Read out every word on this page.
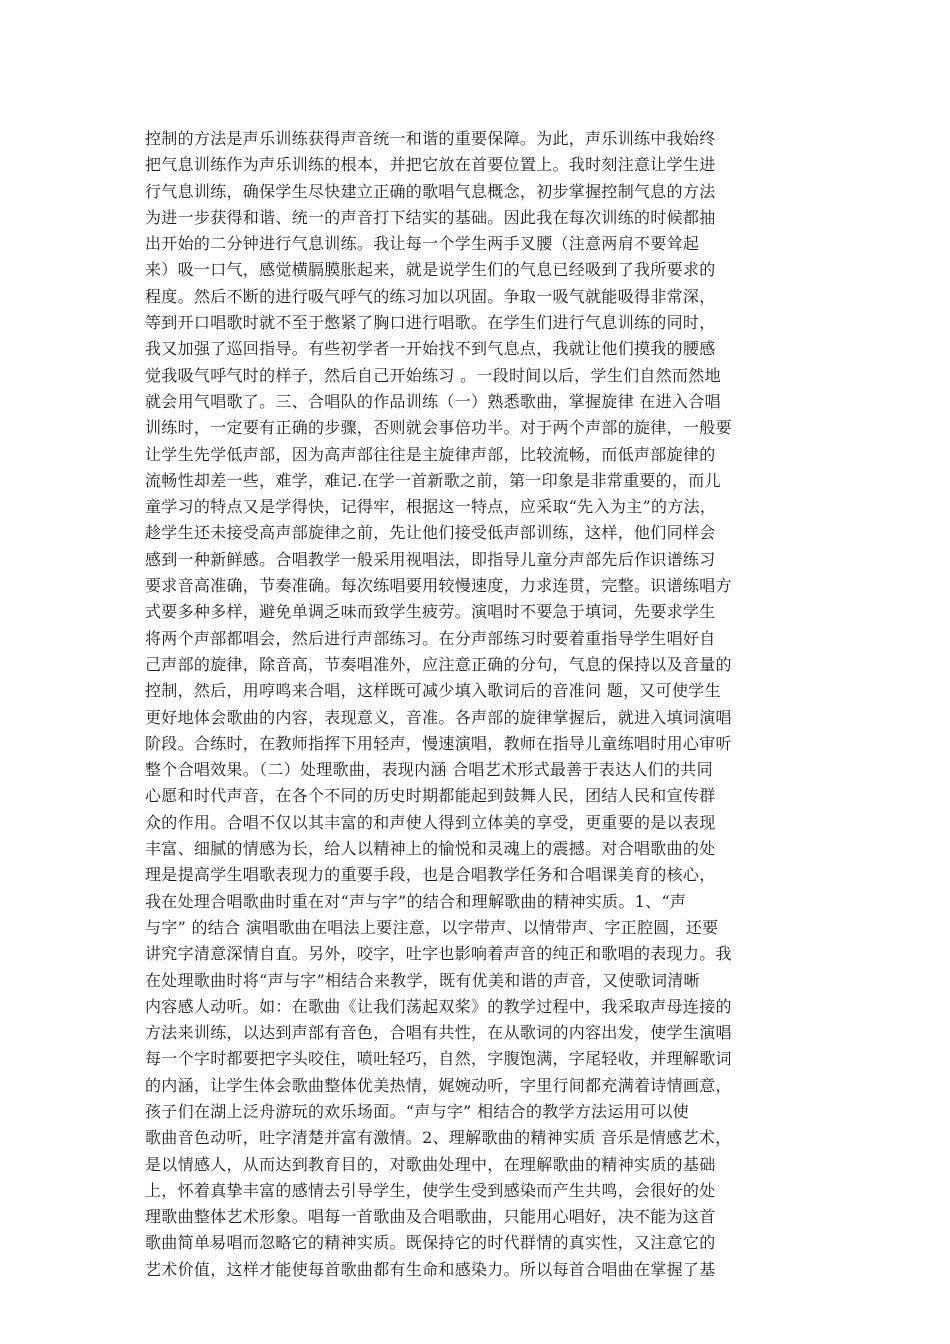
控制的方法是声乐训练获得声音统一和谐的重要保障。为此，声乐训练中我始终
把气息训练作为声乐训练的根本，并把它放在首要位置上。我时刻注意让学生进
行气息训练，确保学生尽快建立正确的歌唱气息概念，初步掌握控制气息的方法
为进一步获得和谐、统一的声音打下结实的基础。因此我在每次训练的时候都抽
出开始的二分钟进行气息训练。我让每一个学生两手叉腰（注意两肩不要耸起
来）吸一口气，感觉横膈膜胀起来，就是说学生们的气息已经吸到了我所要求的
程度。然后不断的进行吸气呼气的练习加以巩固。争取一吸气就能吸得非常深，
等到开口唱歌时就不至于憋紧了胸口进行唱歌。在学生们进行气息训练的同时，
我又加强了巡回指导。有些初学者一开始找不到气息点，我就让他们摸我的腰感
觉我吸气呼气时的样子，然后自己开始练习 。一段时间以后，学生们自然而然地
就会用气唱歌了。三、合唱队的作品训练（一）熟悉歌曲，掌握旋律 在进入合唱
训练时，一定要有正确的步骤，否则就会事倍功半。对于两个声部的旋律，一般要
让学生先学低声部，因为高声部往往是主旋律声部，比较流畅，而低声部旋律的
流畅性却差一些，难学，难记.在学一首新歌之前，第一印象是非常重要的，而儿
童学习的特点又是学得快，记得牢，根据这一特点，应采取“先入为主”的方法，
趁学生还未接受高声部旋律之前，先让他们接受低声部训练，这样，他们同样会
感到一种新鲜感。合唱教学一般采用视唱法，即指导儿童分声部先后作识谱练习
要求音高准确，节奏准确。每次练唱要用较慢速度，力求连贯，完整。识谱练唱方
式要多种多样，避免单调乏味而致学生疲劳。演唱时不要急于填词，先要求学生
将两个声部都唱会，然后进行声部练习。在分声部练习时要着重指导学生唱好自
己声部的旋律，除音高，节奏唱准外，应注意正确的分句，气息的保持以及音量的
控制，然后，用哼鸣来合唱，这样既可减少填入歌词后的音准问 题，又可使学生
更好地体会歌曲的内容，表现意义，音准。各声部的旋律掌握后，就进入填词演唱
阶段。合练时，在教师指挥下用轻声，慢速演唱，教师在指导儿童练唱时用心审听
整个合唱效果。（二）处理歌曲，表现内涵 合唱艺术形式最善于表达人们的共同
心愿和时代声音，在各个不同的历史时期都能起到鼓舞人民，团结人民和宣传群
众的作用。合唱不仅以其丰富的和声使人得到立体美的享受，更重要的是以表现
丰富、细腻的情感为长，给人以精神上的愉悦和灵魂上的震撼。对合唱歌曲的处
理是提高学生唱歌表现力的重要手段，也是合唱教学任务和合唱课美育的核心，
我在处理合唱歌曲时重在对“声与字”的结合和理解歌曲的精神实质。1、“声
与字” 的结合 演唱歌曲在唱法上要注意，以字带声、以情带声、字正腔圆，还要
讲究字清意深情自直。另外，咬字，吐字也影响着声音的纯正和歌唱的表现力。我
在处理歌曲时将“声与字”相结合来教学，既有优美和谐的声音，又使歌词清晰
内容感人动听。如：在歌曲《让我们荡起双桨》的教学过程中，我采取声母连接的
方法来训练，以达到声部有音色，合唱有共性，在从歌词的内容出发，使学生演唱
每一个字时都要把字头咬住，喷吐轻巧，自然，字腹饱满，字尾轻收，并理解歌词
的内涵，让学生体会歌曲整体优美热情，娓婉动听，字里行间都充满着诗情画意，
孩子们在湖上泛舟游玩的欢乐场面。“声与字” 相结合的教学方法运用可以使
歌曲音色动听，吐字清楚并富有激情。2、理解歌曲的精神实质 音乐是情感艺术，
是以情感人，从而达到教育目的，对歌曲处理中，在理解歌曲的精神实质的基础
上，怀着真挚丰富的感情去引导学生，使学生受到感染而产生共鸣，会很好的处
理歌曲整体艺术形象。唱每一首歌曲及合唱歌曲，只能用心唱好，决不能为这首
歌曲简单易唱而忽略它的精神实质。既保持它的时代群情的真实性，又注意它的
艺术价值，这样才能使每首歌曲都有生命和感染力。所以每首合唱曲在掌握了基
